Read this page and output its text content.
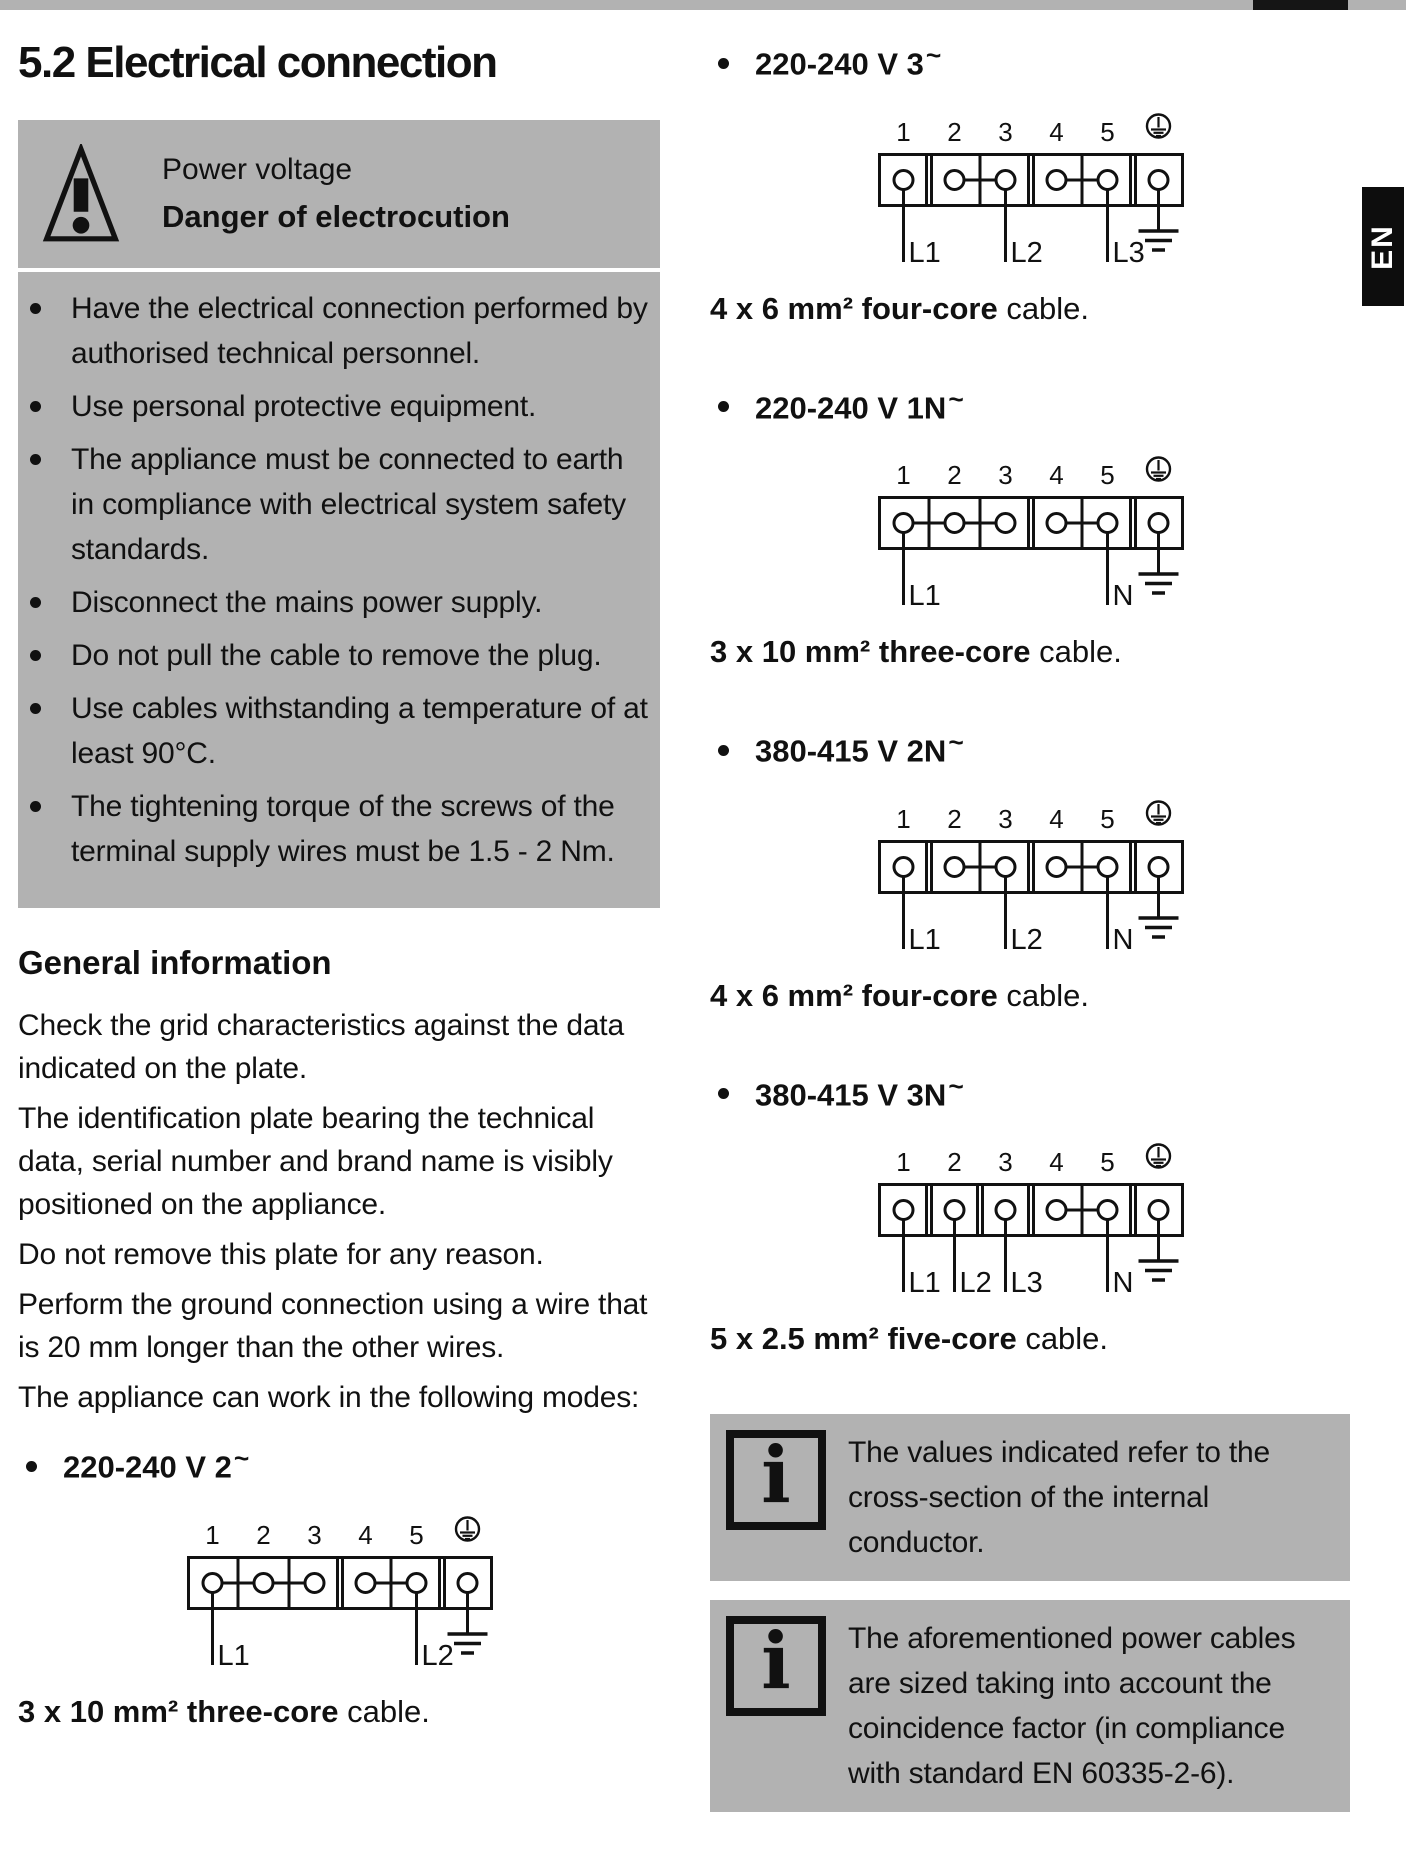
EN
5.2 Electrical connection
Power voltage
Danger of electrocution
Have the electrical connection performed by authorised technical personnel.
Use personal protective equipment.
The appliance must be connected to earth in compliance with electrical system safety standards.
Disconnect the mains power supply.
Do not pull the cable to remove the plug.
Use cables withstanding a temperature of at least 90°C.
The tightening torque of the screws of the terminal supply wires must be 1.5 - 2 Nm.
General information

Check the grid characteristics against the data indicated on the plate.

The identification plate bearing the technical data, serial number and brand name is visibly positioned on the appliance.

Do not remove this plate for any reason.

Perform the ground connection using a wire that is 20 mm longer than the other wires.

The appliance can work in the following modes:

220-240 V 2~
1 2 3 4 5
L1	L2
3 x 10 mm² three-core cable.
220-240 V 3~
1 2 3 4 5
L1 L2 L3
4 x 6 mm² four-core cable.
220-240 V 1N~
1 2 3 4 5
L1	N
3 x 10 mm² three-core cable.
380-415 V 2N~
1 2 3 4 5
L1 L2 N
4 x 6 mm² four-core cable.
380-415 V 3N~
1 2 3 4 5
L1 L2 L3 N
5 x 2.5 mm² five-core cable.
i The values indicated refer to the cross-section of the internal conductor.
i The aforementioned power cables are sized taking into account the coincidence factor (in compliance with standard EN 60335-2-6).
